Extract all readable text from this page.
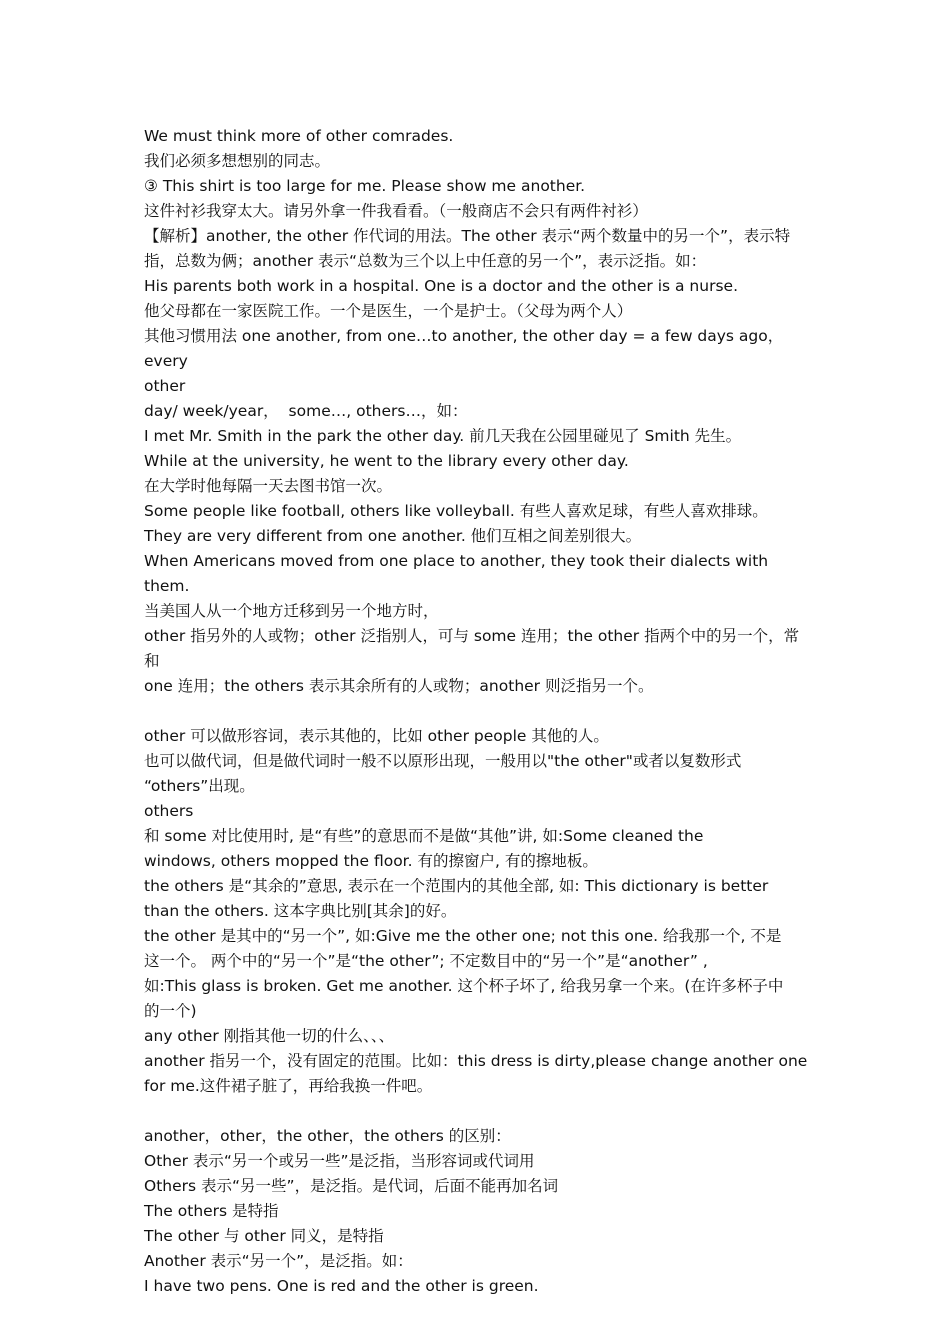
We must think more of other comrades.

我们必须多想想别的同志。

③ This shirt is too large for me. Please show me another.

这件衬衫我穿太大。请另外拿一件我看看。（一般商店不会只有两件衬衫）

【解析】another, the other 作代词的用法。The other 表示“两个数量中的另一个”，表示特

指，总数为俩；another 表示“总数为三个以上中任意的另一个”，表示泛指。如：

His parents both work in a hospital. One is a doctor and the other is a nurse.

他父母都在一家医院工作。一个是医生，一个是护士。（父母为两个人）

其他习惯用法 one another, from one…to another, the other day = a few days ago，every

other

day/ week/year，  some…, others…，如：

I met Mr. Smith in the park the other day. 前几天我在公园里碰见了 Smith 先生。

While at the university, he went to the library every other day.

在大学时他每隔一天去图书馆一次。

Some people like football, others like volleyball. 有些人喜欢足球，有些人喜欢排球。

They are very different from one another. 他们互相之间差别很大。

When Americans moved from one place to another, they took their dialects with them.

当美国人从一个地方迁移到另一个地方时，

other 指另外的人或物；other 泛指别人，可与 some 连用；the other 指两个中的另一个，常和

one 连用；the others 表示其余所有的人或物；another 则泛指另一个。

other 可以做形容词，表示其他的，比如 other people 其他的人。

也可以做代词，但是做代词时一般不以原形出现，一般用以"the other"或者以复数形式

“others”出现。

others

和 some 对比使用时, 是“有些”的意思而不是做“其他”讲, 如:Some cleaned the

windows, others mopped the floor. 有的擦窗户, 有的擦地板。

the others 是“其余的”意思, 表示在一个范围内的其他全部, 如: This dictionary is better

than the others. 这本字典比别[其余]的好。

the other 是其中的“另一个”, 如:Give me the other one; not this one. 给我那一个, 不是

这一个。 两个中的“另一个”是“the other”; 不定数目中的“另一个”是“another” ,

如:This glass is broken. Get me another. 这个杯子坏了, 给我另拿一个来。(在许多杯子中

的一个)

any other 刚指其他一切的什么、、、

another 指另一个，没有固定的范围。比如：this dress is dirty,please change another one

for me.这件裙子脏了，再给我换一件吧。

another，other，the other，the others 的区别：

Other 表示“另一个或另一些”是泛指，当形容词或代词用

Others 表示“另一些”，是泛指。是代词，后面不能再加名词

The others 是特指

The other 与 other 同义，是特指

Another 表示“另一个”，是泛指。如：

I have two pens. One is red and the other is green.
